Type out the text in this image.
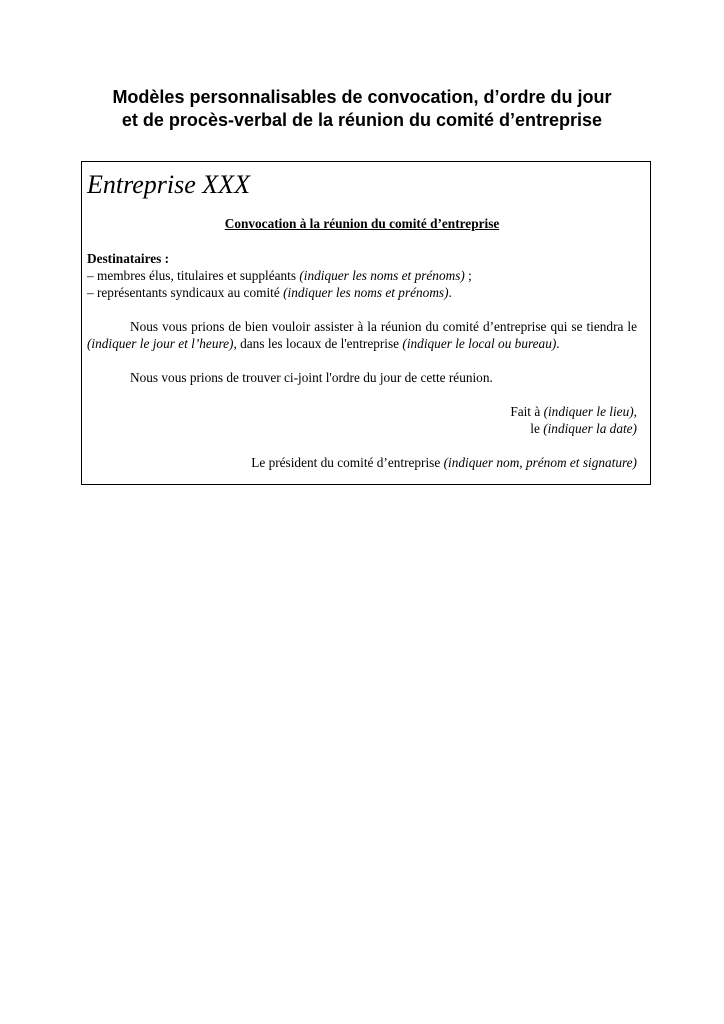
Modèles personnalisables de convocation, d’ordre du jour
et de procès-verbal de la réunion du comité d’entreprise

Entreprise XXX

Convocation à la réunion du comité d’entreprise
Destinataires :
– membres élus, titulaires et suppléants (indiquer les noms et prénoms) ;
– représentants syndicaux au comité (indiquer les noms et prénoms).
Nous vous prions de bien vouloir assister à la réunion du comité d’entreprise qui se tiendra le (indiquer le jour et l’heure), dans les locaux de l'entreprise (indiquer le local ou bureau).
Nous vous prions de trouver ci-joint l'ordre du jour de cette réunion.
Fait à (indiquer le lieu),
le (indiquer la date)
Le président du comité d’entreprise (indiquer nom, prénom et signature)
